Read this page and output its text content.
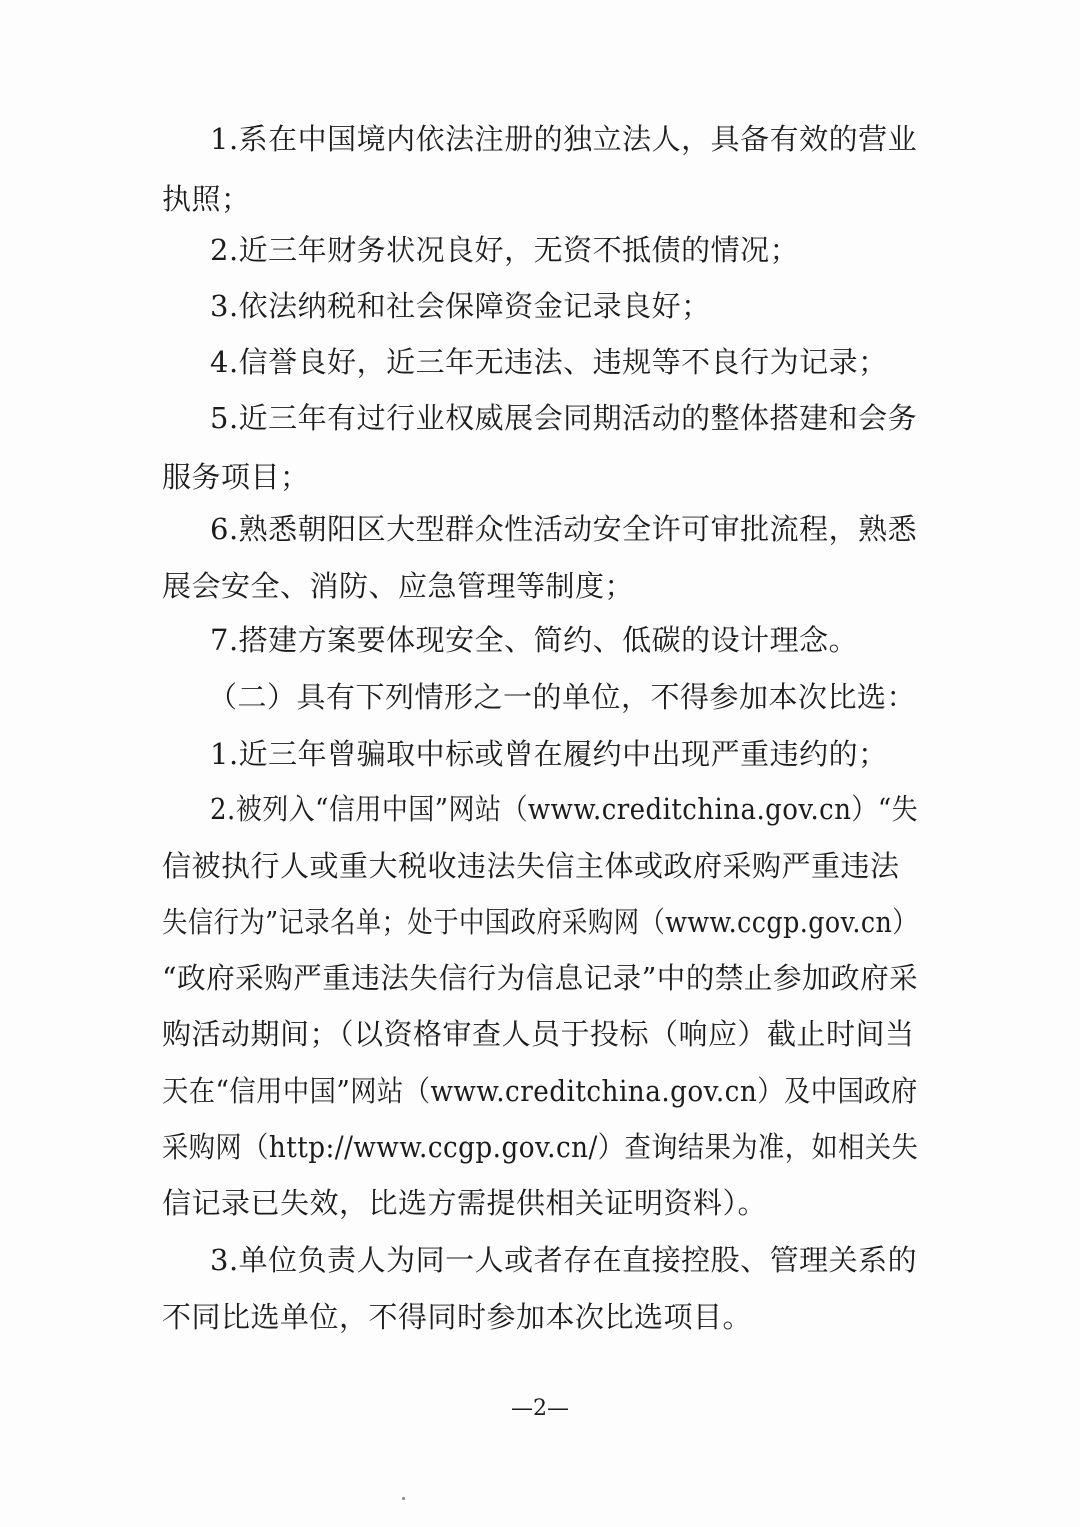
1.系在中国境内依法注册的独立法人，具备有效的营业
执照；
2.近三年财务状况良好，无资不抵债的情况；
3.依法纳税和社会保障资金记录良好；
4.信誉良好，近三年无违法、违规等不良行为记录；
5.近三年有过行业权威展会同期活动的整体搭建和会务
服务项目；
6.熟悉朝阳区大型群众性活动安全许可审批流程，熟悉
展会安全、消防、应急管理等制度；
7.搭建方案要体现安全、简约、低碳的设计理念。
（二）具有下列情形之一的单位，不得参加本次比选：
1.近三年曾骗取中标或曾在履约中出现严重违约的；
2.被列入“信用中国”网站（www.creditchina.gov.cn）“失
信被执行人或重大税收违法失信主体或政府采购严重违法
失信行为”记录名单；处于中国政府采购网（www.ccgp.gov.cn）
“政府采购严重违法失信行为信息记录”中的禁止参加政府采
购活动期间；（以资格审查人员于投标（响应）截止时间当
天在“信用中国”网站（www.creditchina.gov.cn）及中国政府
采购网（http://www.ccgp.gov.cn/）查询结果为准，如相关失
信记录已失效，比选方需提供相关证明资料）。
3.单位负责人为同一人或者存在直接控股、管理关系的
不同比选单位，不得同时参加本次比选项目。
—2—
